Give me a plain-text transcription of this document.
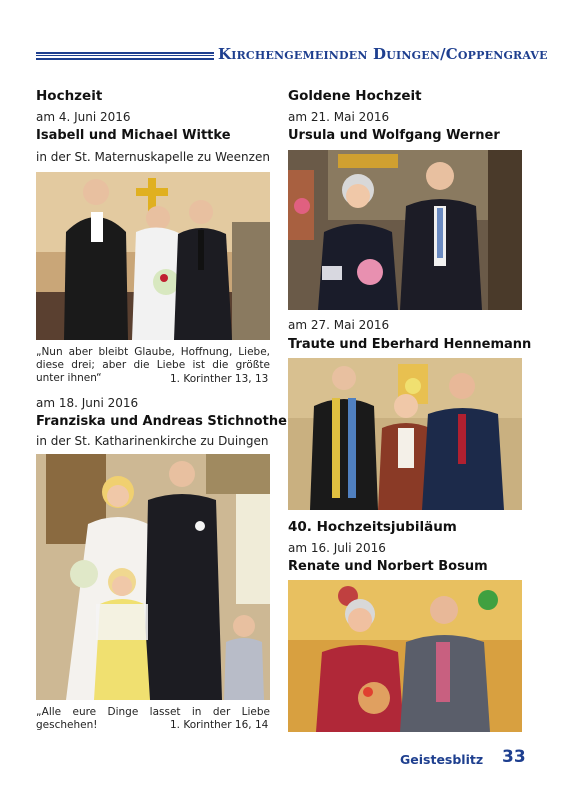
Kirchengemeinden Duingen/Coppengrave
Hochzeit
am 4. Juni 2016
Isabell und Michael Wittke
in der St. Maternuskapelle zu Weenzen
„Nun aber bleibt Glaube, Hoffnung, Liebe, diese drei; aber die Liebe ist die größte unter ihnen“	1. Korinther 13, 13
am 18. Juni 2016
Franziska und Andreas Stichnothe
in der St. Katharinenkirche zu Duingen
„Alle eure Dinge lasset in der Liebe geschehen!	1. Korinther 16, 14
Goldene Hochzeit
am 21. Mai 2016
Ursula und Wolfgang Werner
am 27. Mai 2016
Traute und Eberhard Hennemann
40. Hochzeitsjubiläum
am 16. Juli 2016
Renate und Norbert Bosum
Geistesblitz 33
